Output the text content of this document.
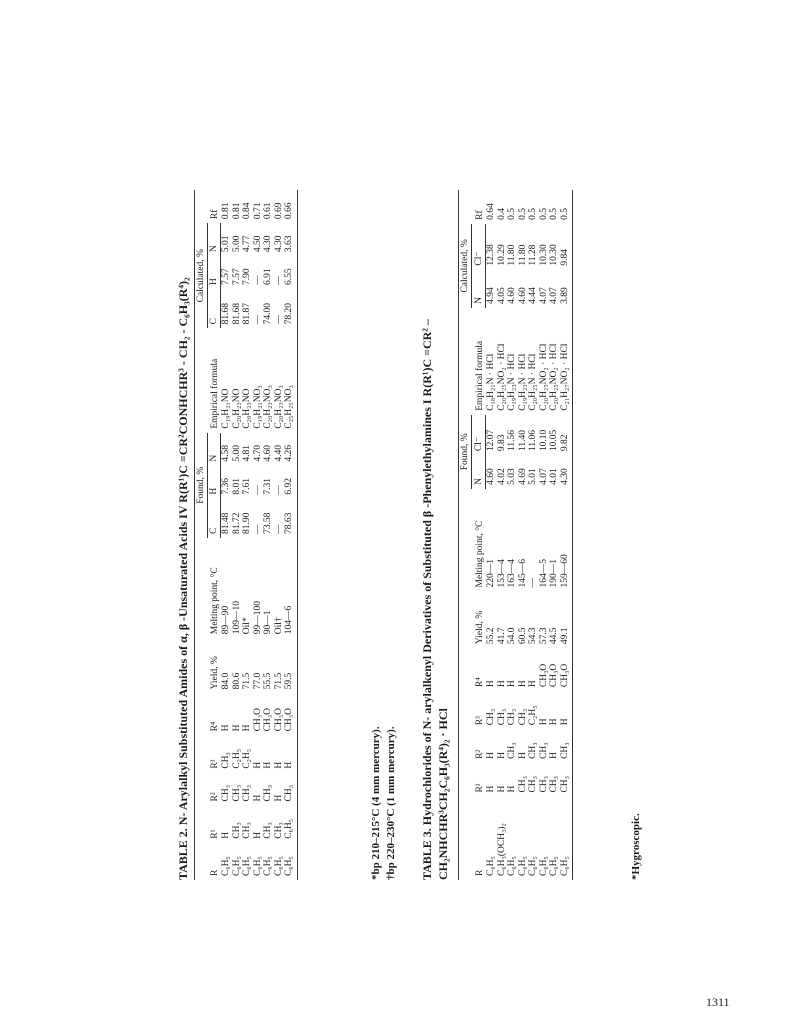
TABLE 2. N- Arylalkyl Substituted Amides of α, β -Unsaturated Acids IV R(R¹)C =CR²CONHCHR³ - CH₂ - C₆H₃(R⁴)₂ R	R¹	R²	R³	R⁴	Yield, %	Melting point, °C	Found, %			Empirical formula	Calculated, %			Rf
							C	H	N		C	H	N	
C₆H₅	H	CH₃	CH₃	H	84.0	89—90	81.48	7.36	4.58	C₁₉H₂₁NO	81.68	7.57	5.01	0.81
C₆H₅	CH₃	CH₃	C₂H₅	H	80.6	109—10	81.72	8.01	5.00	C₂₀H₂₃NO	81.68	7.57	5.00	0.81
C₆H₅	CH₃	CH₃	C₂H₅	H	71.5	Oil*	81.90	7.61	4.81	C₂₀H₂₃NO	81.87	7.90	4.77	0.84
C₆H₅	H	H	H	CH₃O	77.0	99—100	—	—	4.70	C₁₉H₂₁NO₃	—	—	4.50	0.71
C₆H₅	CH₃	CH₃	H	CH₃O	55.5	90—1	73.58	7.31	4.60	C₂₀H₂₃NO₃	74.00	6.91	4.30	0.61
C₆H₅	CH₃	H	H	CH₃O	71.5	Oil†	—	—	4.40	C₂₀H₂₃NO₃	—	—	4.30	0.69
C₆H₅	C₆H₅	CH₃	H	CH₃O	59.5	104—6	78.63	6.92	4.26	C₂₅H₂₅NO₃	78.20	6.55	3.63	0.66
*bp 210–215°C (4 mm mercury). †bp 220–230°C (1 mm mercury). TABLE 3. Hydrochlorides of N- arylalkenyl Derivatives of Substituted β -Phenylethylamines I R(R¹)C =CR² – CH₂NHCHR³CH₂C₆H₃(R⁴)₂ · HCl	R	R¹	R²	R³	R⁴	Yield, %	Melting point, °C	Found, %		Empirical formula	Calculated, %		Rf
							N	Cl⁻		N	Cl⁻	
C₆H₅	H	H	CH₃	H	55.2	220—1	4.60	12.07	C₁₈H₂₁N · HCl	4.94	12.38	0.64
C₆H₃(OCH₃)₂	H	H	CH₃	H	41.7	153—4	4.02	9.83	C₂₀H₂₅NO₂ · HCl	4.05	10.29	0.4
C₆H₅	H	CH₃	CH₃	H	54.0	163—4	5.03	11.56	C₁₉H₂₃N · HCl	4.60	11.80	0.5
C₆H₅	CH₃	H	CH₃	H	60.5	145—6	4.69	11.40	C₁₉H₂₃N · HCl	4.60	11.80	0.5
C₆H₅	CH₃	CH₃	C₂H₅	H	54.3	—	5.01	11.06	C₂₀H₂₅N · HCl	4.44	11.28	0.5
C₆H₅	CH₃	CH₃	H	CH₃O	57.3	164—5	4.07	10.10	C₂₀H₂₅NO₂ · HCl	4.07	10.30	0.5
C₆H₅	CH₃	H	H	CH₃O	44.5	190—1	4.01	10.05	C₂₀H₂₅NO₂ · HCl	4.07	10.30	0.5
C₆H₅	CH₃	CH₃	H	CH₃O	49.1	159—60	4.30	9.82	C₂₁H₂₇NO₂ · HCl	3.89	9.84	0.5
*Hygroscopic.
1311
